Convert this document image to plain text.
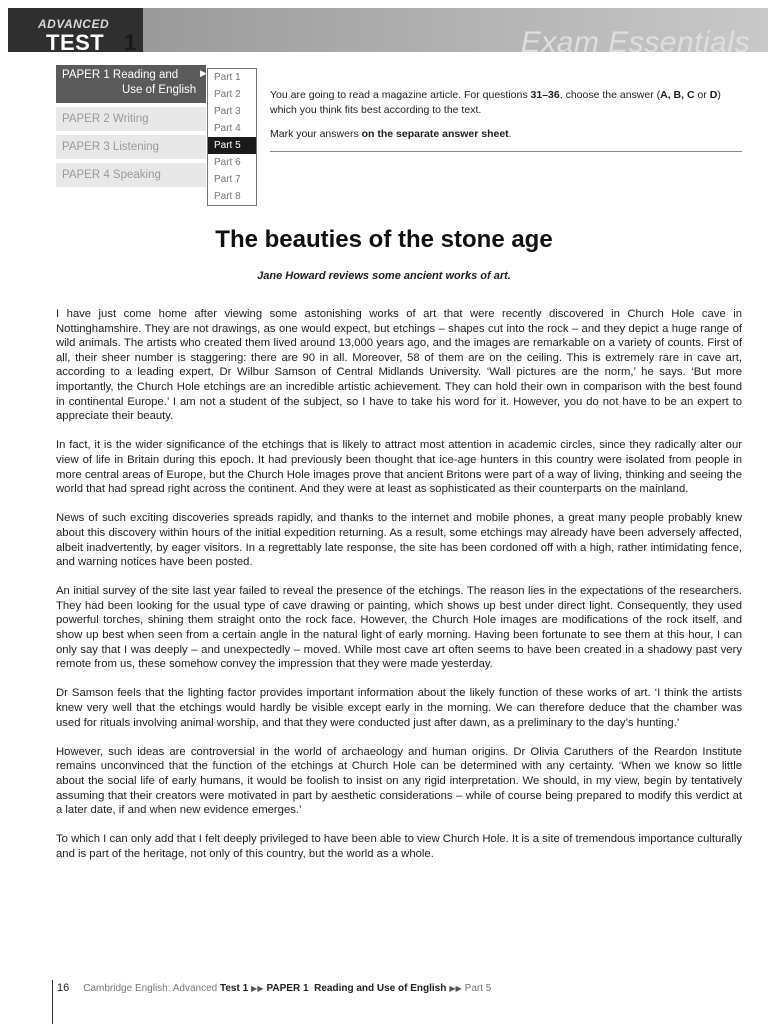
ADVANCED
TEST 1	Exam Essentials
PAPER 1 Reading and
Use of English
PAPER 2 Writing
PAPER 3 Listening
PAPER 4 Speaking
▶ Part 1
Part 2
Part 3
Part 4
Part 5
Part 6
Part 7
Part 8

You are going to read a magazine article. For questions 31–36, choose the answer (A, B, C or D) which you think fits best according to the text.

Mark your answers on the separate answer sheet.

The beauties of the stone age
Jane Howard reviews some ancient works of art.

I have just come home after viewing some astonishing works of art that were recently discovered in Church Hole cave in Nottinghamshire. They are not drawings, as one would expect, but etchings – shapes cut into the rock – and they depict a huge range of wild animals. The artists who created them lived around 13,000 years ago, and the images are remarkable on a variety of counts. First of all, their sheer number is staggering: there are 90 in all. Moreover, 58 of them are on the ceiling. This is extremely rare in cave art, according to a leading expert, Dr Wilbur Samson of Central Midlands University. ‘Wall pictures are the norm,’ he says. ‘But more importantly, the Church Hole etchings are an incredible artistic achievement. They can hold their own in comparison with the best found in continental Europe.’ I am not a student of the subject, so I have to take his word for it. However, you do not have to be an expert to appreciate their beauty.

In fact, it is the wider significance of the etchings that is likely to attract most attention in academic circles, since they radically alter our view of life in Britain during this epoch. It had previously been thought that ice-age hunters in this country were isolated from people in more central areas of Europe, but the Church Hole images prove that ancient Britons were part of a way of living, thinking and seeing the world that had spread right across the continent. And they were at least as sophisticated as their counterparts on the mainland.

News of such exciting discoveries spreads rapidly, and thanks to the internet and mobile phones, a great many people probably knew about this discovery within hours of the initial expedition returning. As a result, some etchings may already have been adversely affected, albeit inadvertently, by eager visitors. In a regrettably late response, the site has been cordoned off with a high, rather intimidating fence, and warning notices have been posted.

An initial survey of the site last year failed to reveal the presence of the etchings. The reason lies in the expectations of the researchers. They had been looking for the usual type of cave drawing or painting, which shows up best under direct light. Consequently, they used powerful torches, shining them straight onto the rock face. However, the Church Hole images are modifications of the rock itself, and show up best when seen from a certain angle in the natural light of early morning. Having been fortunate to see them at this hour, I can only say that I was deeply – and unexpectedly – moved. While most cave art often seems to have been created in a shadowy past very remote from us, these somehow convey the impression that they were made yesterday.

Dr Samson feels that the lighting factor provides important information about the likely function of these works of art. ‘I think the artists knew very well that the etchings would hardly be visible except early in the morning. We can therefore deduce that the chamber was used for rituals involving animal worship, and that they were conducted just after dawn, as a preliminary to the day’s hunting.’

However, such ideas are controversial in the world of archaeology and human origins. Dr Olivia Caruthers of the Reardon Institute remains unconvinced that the function of the etchings at Church Hole can be determined with any certainty. ‘When we know so little about the social life of early humans, it would be foolish to insist on any rigid interpretation. We should, in my view, begin by tentatively assuming that their creators were motivated in part by aesthetic considerations – while of course being prepared to modify this verdict at a later date, if and when new evidence emerges.’

To which I can only add that I felt deeply privileged to have been able to view Church Hole. It is a site of tremendous importance culturally and is part of the heritage, not only of this country, but the world as a whole.

16 Cambridge English: Advanced Test 1 ▶▶ PAPER 1 Reading and Use of English ▶▶ Part 5
